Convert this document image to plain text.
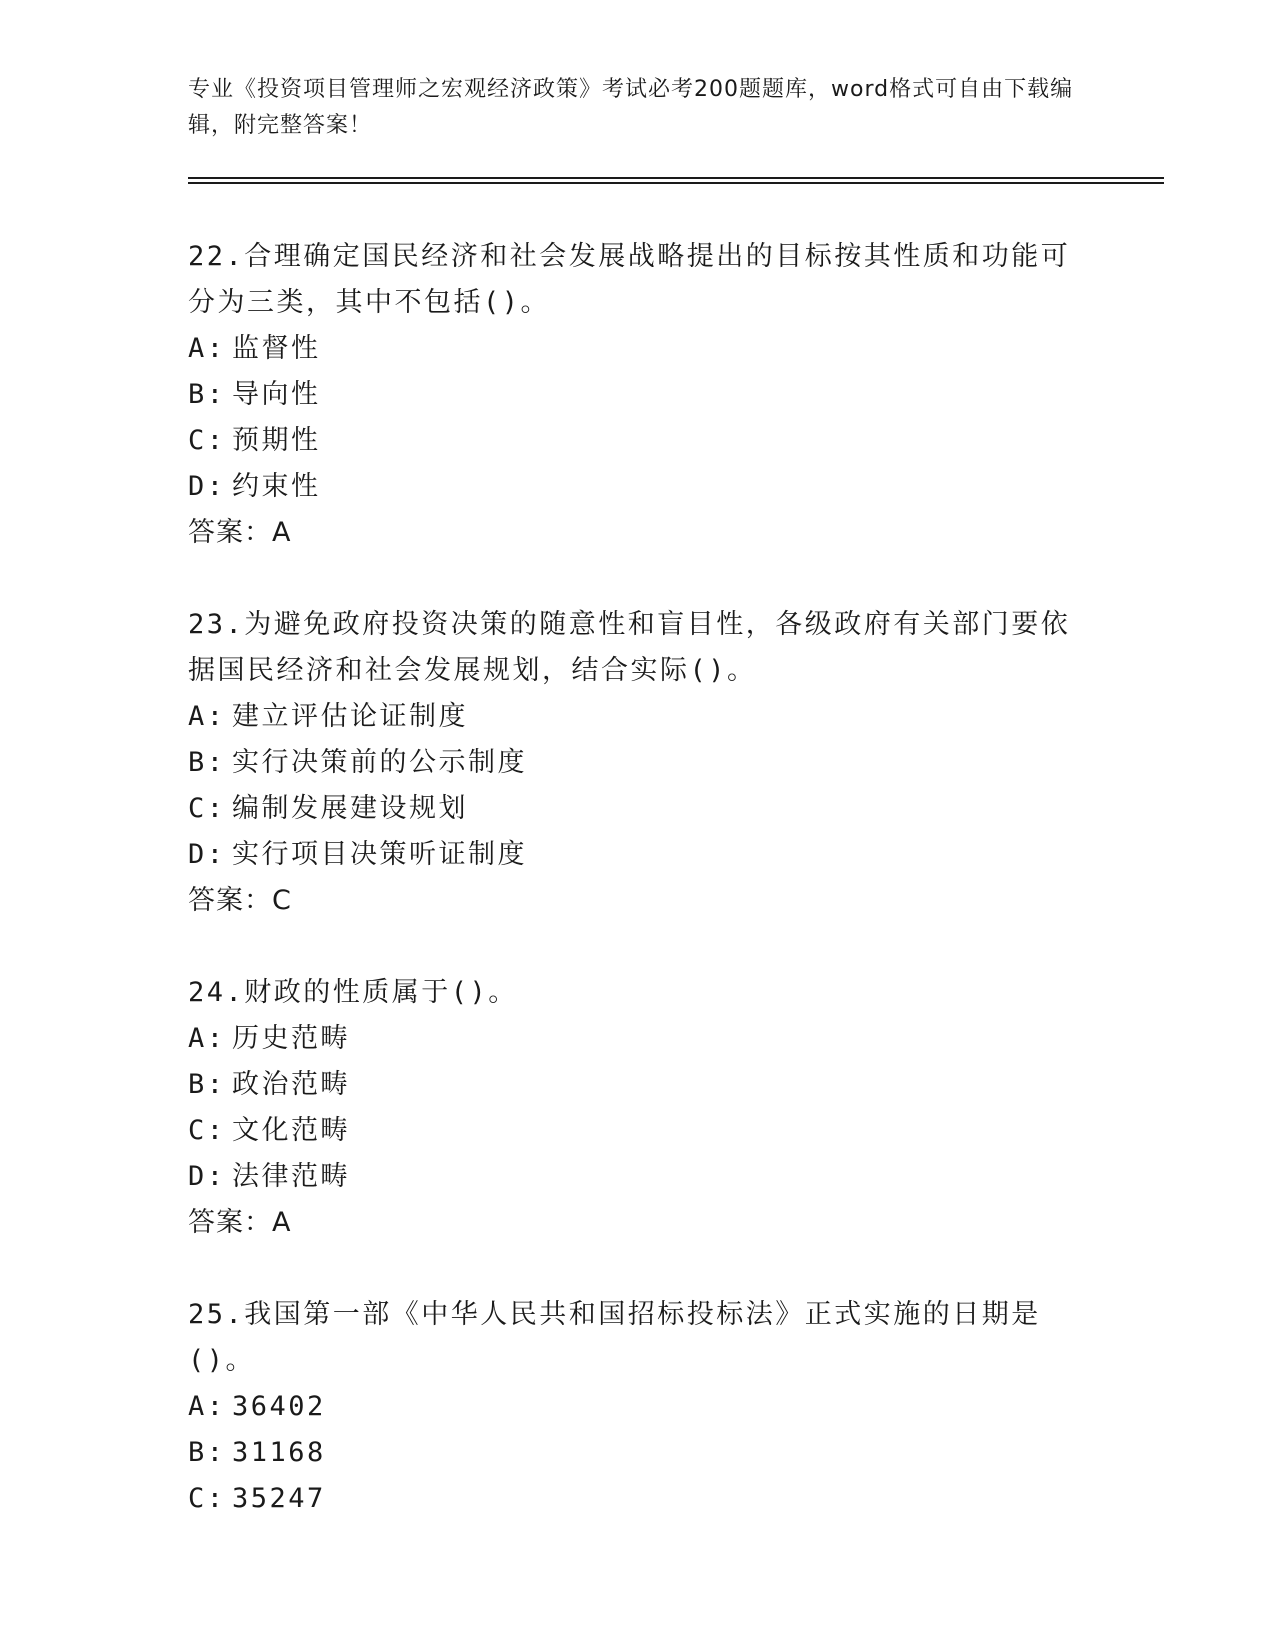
专业《投资项目管理师之宏观经济政策》考试必考200题题库，word格式可自由下载编辑，附完整答案！

22.合理确定国民经济和社会发展战略提出的目标按其性质和功能可分为三类，其中不包括()。

A: 监督性
B: 导向性
C: 预期性
D: 约束性
答案：A

23.为避免政府投资决策的随意性和盲目性，各级政府有关部门要依据国民经济和社会发展规划，结合实际()。

A: 建立评估论证制度
B: 实行决策前的公示制度
C: 编制发展建设规划
D: 实行项目决策听证制度
答案：C

24.财政的性质属于()。

A: 历史范畴
B: 政治范畴
C: 文化范畴
D: 法律范畴
答案：A

25.我国第一部《中华人民共和国招标投标法》正式实施的日期是()。

A: 36402
B: 31168
C: 35247
